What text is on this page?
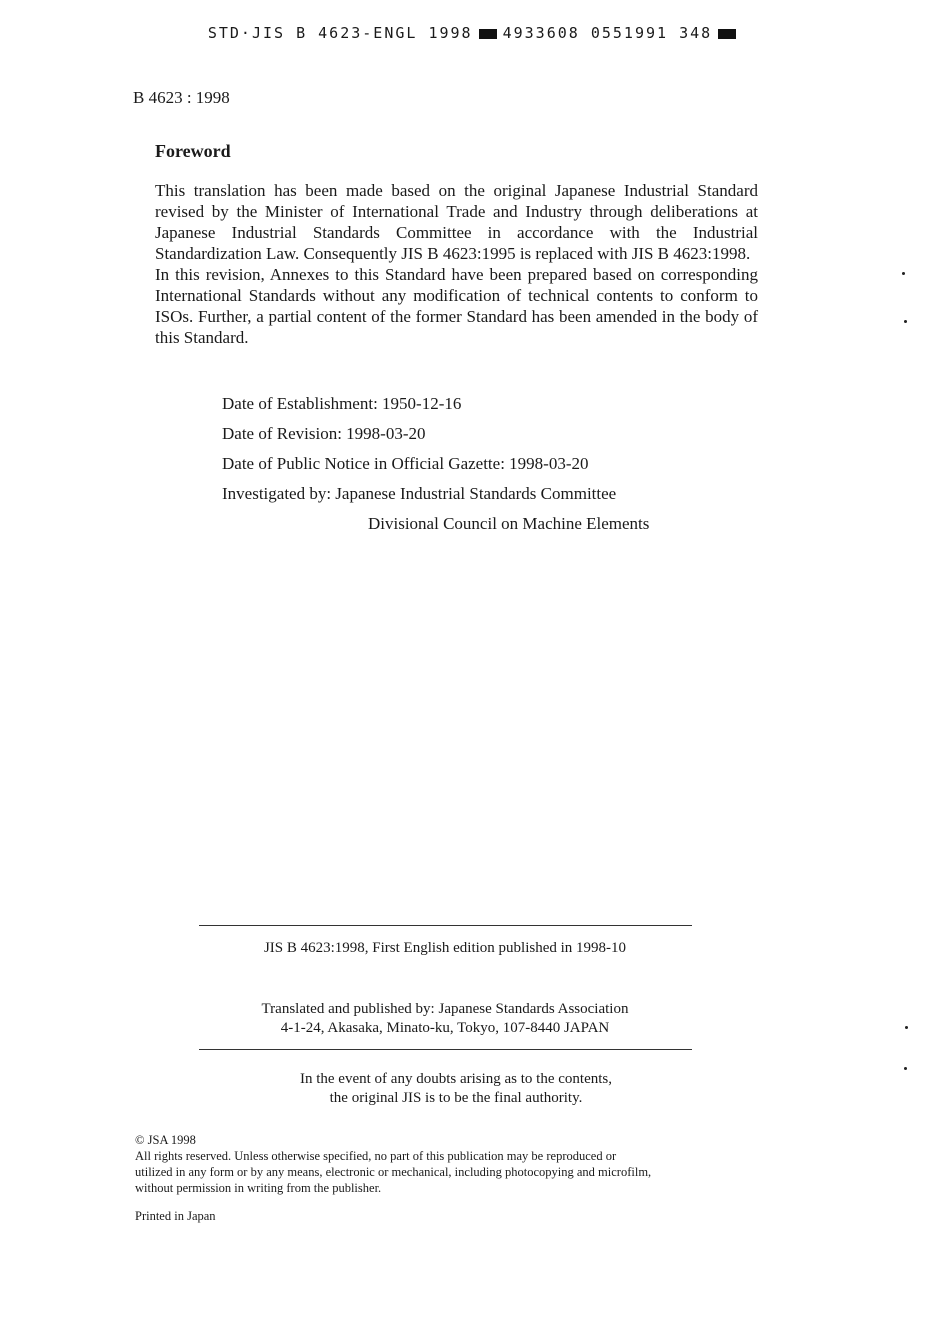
STD·JIS B 4623-ENGL 1998 4933608 0551991 348
B 4623 : 1998
Foreword

This translation has been made based on the original Japanese Industrial Standard revised by the Minister of International Trade and Industry through deliberations at Japanese Industrial Standards Committee in accordance with the Industrial Standardization Law. Consequently JIS B 4623:1995 is replaced with JIS B 4623:1998.

In this revision, Annexes to this Standard have been prepared based on corresponding International Standards without any modification of technical contents to conform to ISOs. Further, a partial content of the former Standard has been amended in the body of this Standard.

Date of Establishment: 1950-12-16
Date of Revision: 1998-03-20
Date of Public Notice in Official Gazette: 1998-03-20
Investigated by: Japanese Industrial Standards Committee
Divisional Council on Machine Elements
JIS B 4623:1998, First English edition published in 1998-10
Translated and published by: Japanese Standards Association
4-1-24, Akasaka, Minato-ku, Tokyo, 107-8440 JAPAN
In the event of any doubts arising as to the contents,
the original JIS is to be the final authority.
© JSA 1998
All rights reserved. Unless otherwise specified, no part of this publication may be reproduced or
utilized in any form or by any means, electronic or mechanical, including photocopying and microfilm,
without permission in writing from the publisher.
Printed in Japan
